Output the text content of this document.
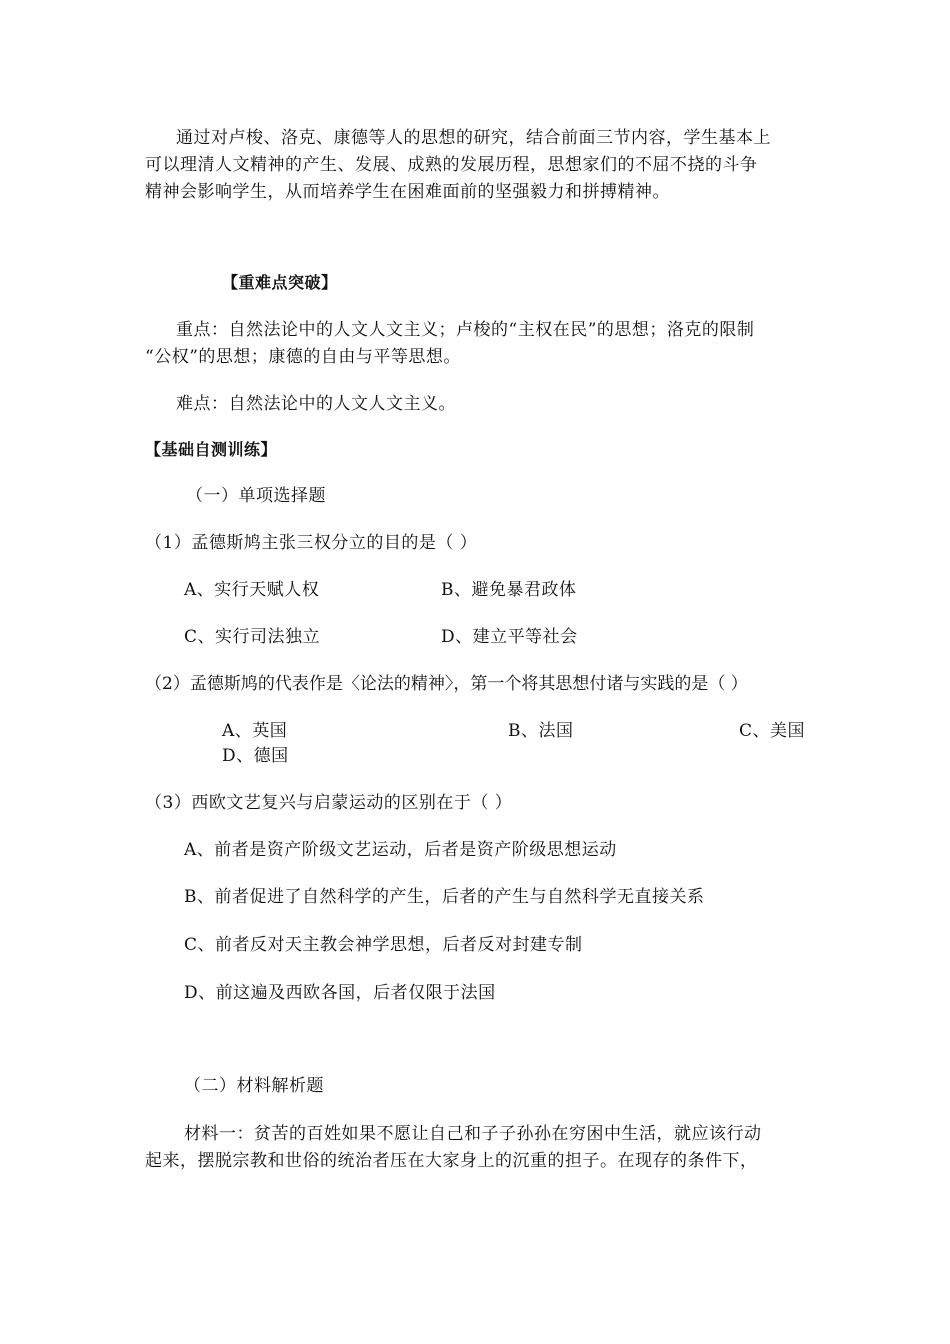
通过对卢梭、洛克、康德等人的思想的研究，结合前面三节内容，学生基本上
可以理清人文精神的产生、发展、成熟的发展历程，思想家们的不屈不挠的斗争
精神会影响学生，从而培养学生在困难面前的坚强毅力和拼搏精神。
【重难点突破】
重点：自然法论中的人文人文主义；卢梭的“主权在民”的思想；洛克的限制
“公权”的思想；康德的自由与平等思想。
难点：自然法论中的人文人文主义。
【基础自测训练】
（一）单项选择题
（1）孟德斯鸠主张三权分立的目的是（ ）
A、实行天赋人权	B、避免暴君政体
C、实行司法独立	D、建立平等社会
（2）孟德斯鸠的代表作是〈论法的精神〉，第一个将其思想付诸与实践的是（ ）
A、英国	B、法国	C、美国
D、德国
（3）西欧文艺复兴与启蒙运动的区别在于（ ）
A、前者是资产阶级文艺运动，后者是资产阶级思想运动
B、前者促进了自然科学的产生，后者的产生与自然科学无直接关系
C、前者反对天主教会神学思想，后者反对封建专制
D、前这遍及西欧各国，后者仅限于法国
（二）材料解析题
材料一：贫苦的百姓如果不愿让自己和子子孙孙在穷困中生活，就应该行动
起来，摆脱宗教和世俗的统治者压在大家身上的沉重的担子。在现存的条件下，
